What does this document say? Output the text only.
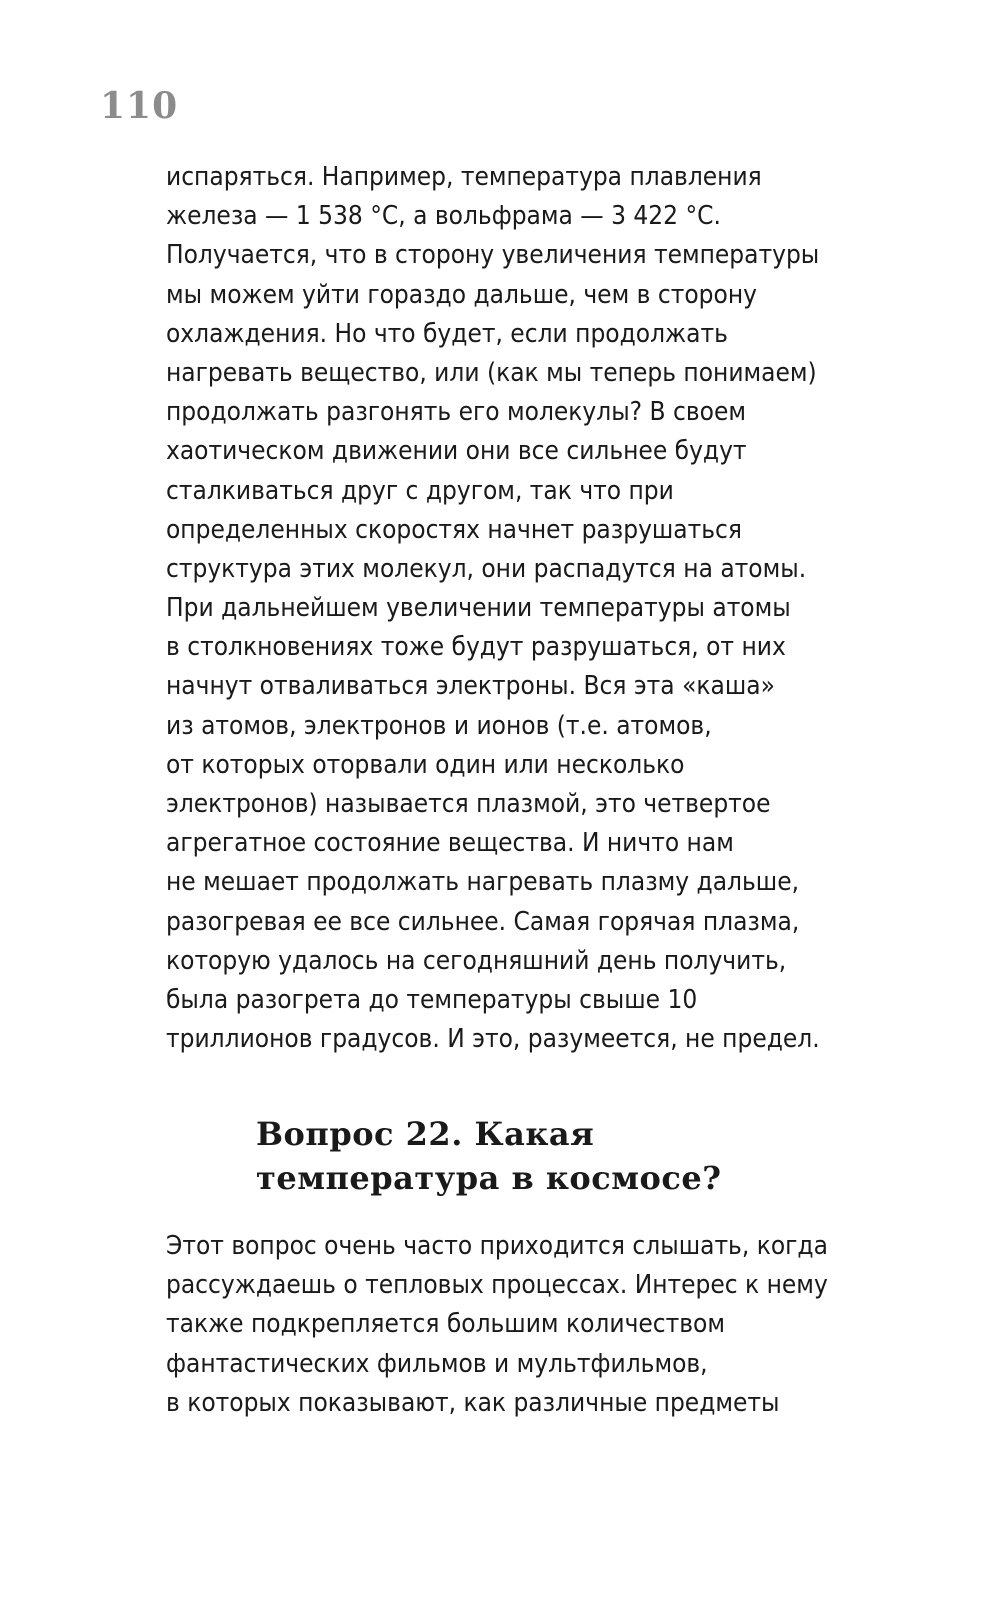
110
испаряться. Например, температура плавления
железа — 1 538 °С, а вольфрама — 3 422 °С.
Получается, что в сторону увеличения температуры
мы можем уйти гораздо дальше, чем в сторону
охлаждения. Но что будет, если продолжать
нагревать вещество, или (как мы теперь понимаем)
продолжать разгонять его молекулы? В своем
хаотическом движении они все сильнее будут
сталкиваться друг с другом, так что при
определенных скоростях начнет разрушаться
структура этих молекул, они распадутся на атомы.
При дальнейшем увеличении температуры атомы
в столкновениях тоже будут разрушаться, от них
начнут отваливаться электроны. Вся эта «каша»
из атомов, электронов и ионов (т.е. атомов,
от которых оторвали один или несколько
электронов) называется плазмой, это четвертое
агрегатное состояние вещества. И ничто нам
не мешает продолжать нагревать плазму дальше,
разогревая ее все сильнее. Самая горячая плазма,
которую удалось на сегодняшний день получить,
была разогрета до температуры свыше 10
триллионов градусов. И это, разумеется, не предел.
Вопрос 22. Какая
температура в космосе?
Этот вопрос очень часто приходится слышать, когда
рассуждаешь о тепловых процессах. Интерес к нему
также подкрепляется большим количеством
фантастических фильмов и мультфильмов,
в которых показывают, как различные предметы
